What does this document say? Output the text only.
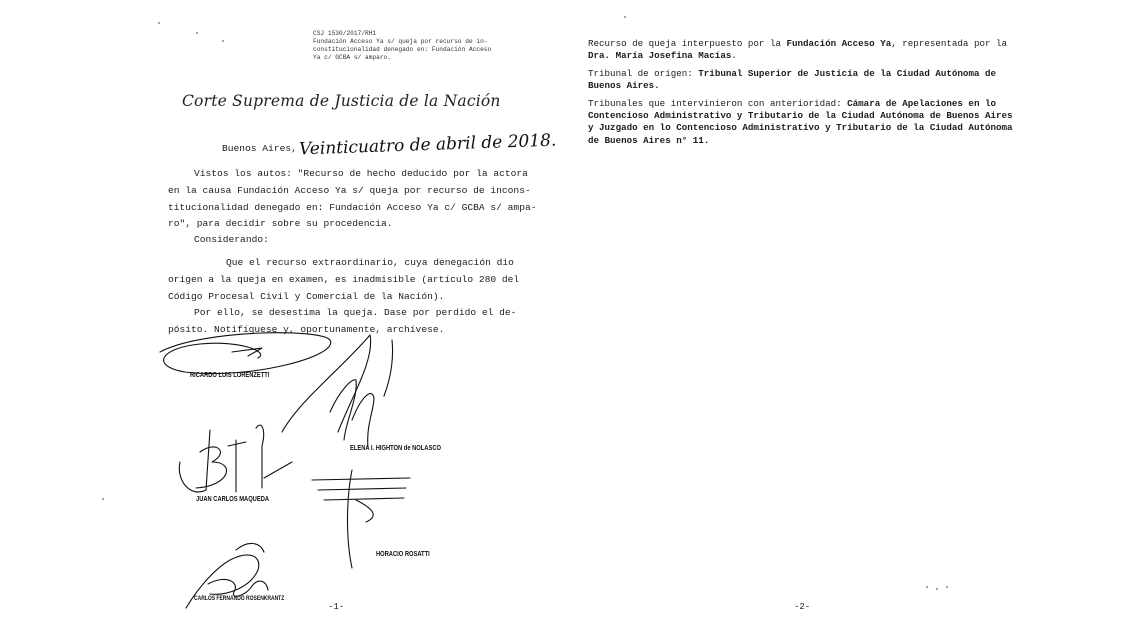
CSJ 1530/2017/RH1
Fundación Acceso Ya s/ queja por recurso de in-
constitucionalidad denegado en: Fundación Acceso
Ya c/ GCBA s/ amparo.
Corte Suprema de Justicia de la Nación
Buenos Aires, Veinticuatro de abril de 2018.
Vistos los autos: "Recurso de hecho deducido por la actora
en la causa Fundación Acceso Ya s/ queja por recurso de incons-
titucionalidad denegado en: Fundación Acceso Ya c/ GCBA s/ ampa-
ro", para decidir sobre su procedencia.
Considerando:
Que el recurso extraordinario, cuya denegación dio
origen a la queja en examen, es inadmisible (artículo 280 del
Código Procesal Civil y Comercial de la Nación).
Por ello, se desestima la queja. Dase por perdido el de-
pósito. Notifíquese y, oportunamente, archívese.
RICARDO LUIS LORENZETTI
ELENA I. HIGHTON de NOLASCO
JUAN CARLOS MAQUEDA
HORACIO ROSATTI
CARLOS FERNANDO ROSENKRANTZ
-1-
Recurso de queja interpuesto por la Fundación Acceso Ya, representada por la
Dra. María Josefina Macías.
Tribunal de origen: Tribunal Superior de Justicia de la Ciudad Autónoma de
Buenos Aires.
Tribunales que intervinieron con anterioridad: Cámara de Apelaciones en lo
Contencioso Administrativo y Tributario de la Ciudad Autónoma de Buenos Aires
y Juzgado en lo Contencioso Administrativo y Tributario de la Ciudad Autónoma
de Buenos Aires n° 11.
-2-
